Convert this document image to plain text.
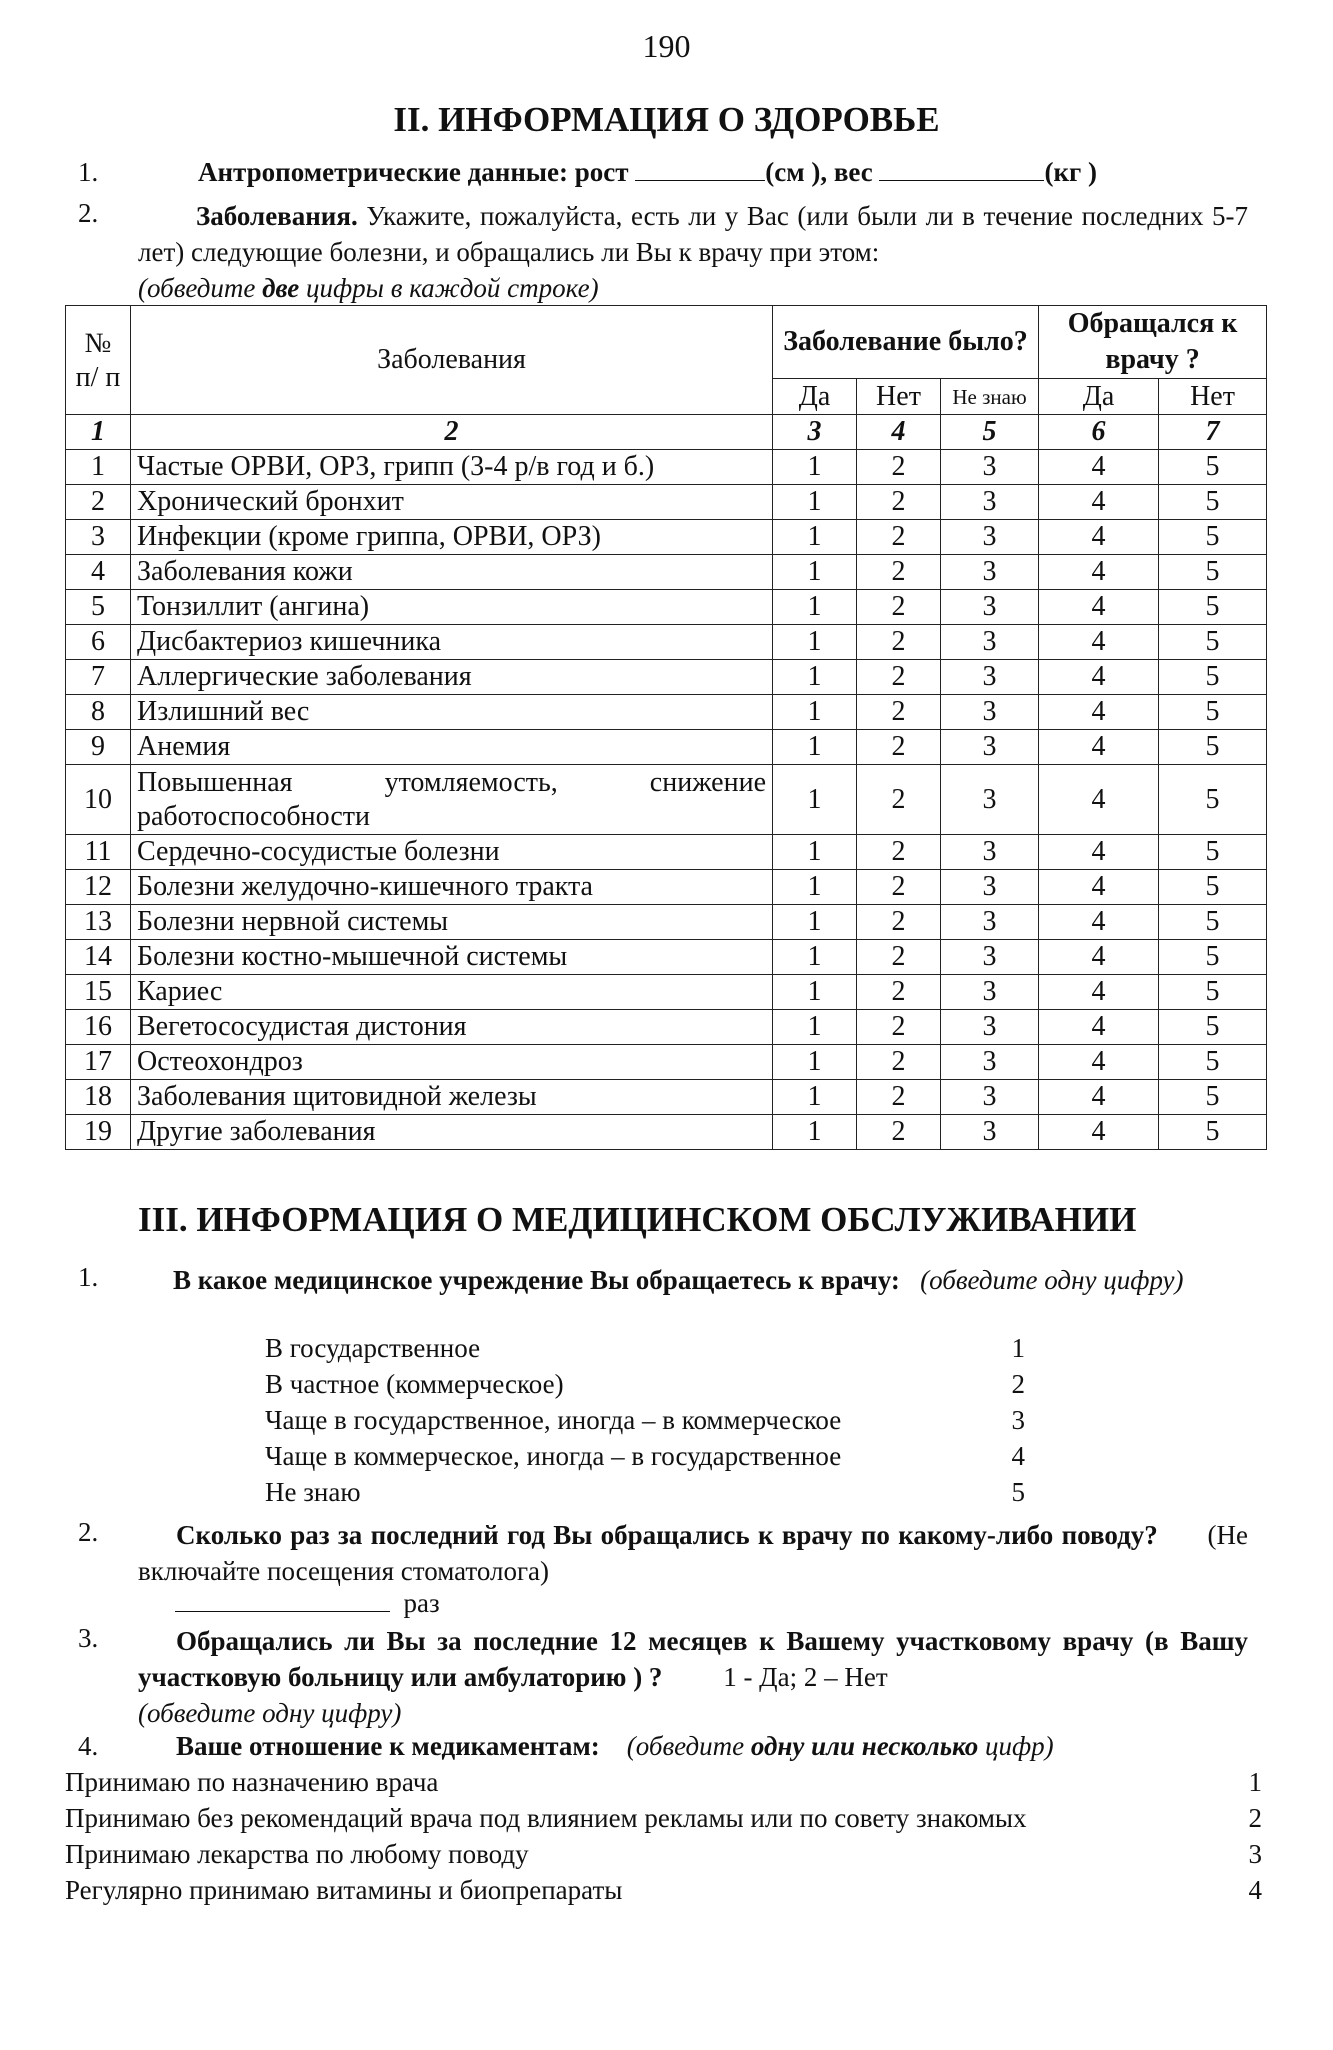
190
II. ИНФОРМАЦИЯ О ЗДОРОВЬЕ
1.	Антропометрические данные: рост	(см ), вес	(кг )
2.	Заболевания. Укажите, пожалуйста, есть ли у Вас (или были ли в течение последних 5-7 лет) следующие болезни, и обращались ли Вы к врачу при этом:
(обведите две цифры в каждой строке)
№ п/ п	Заболевания	Заболевание было?			Обращался к врачу ?	
		Да	Нет	Не знаю	Да	Нет
1	2	3	4	5	6	7
1	Частые ОРВИ, ОРЗ, грипп (3-4 р/в год и б.)	1	2	3	4	5
2	Хронический бронхит	1	2	3	4	5
3	Инфекции (кроме гриппа, ОРВИ, ОРЗ)	1	2	3	4	5
4	Заболевания кожи	1	2	3	4	5
5	Тонзиллит (ангина)	1	2	3	4	5
6	Дисбактериоз кишечника	1	2	3	4	5
7	Аллергические заболевания	1	2	3	4	5
8	Излишний вес	1	2	3	4	5
9	Анемия	1	2	3	4	5
10	Повышенная утомляемость, снижение работоспособности	1	2	3	4	5
11	Сердечно-сосудистые болезни	1	2	3	4	5
12	Болезни желудочно-кишечного тракта	1	2	3	4	5
13	Болезни нервной системы	1	2	3	4	5
14	Болезни костно-мышечной системы	1	2	3	4	5
15	Кариес	1	2	3	4	5
16	Вегетососудистая дистония	1	2	3	4	5
17	Остеохондроз	1	2	3	4	5
18	Заболевания щитовидной железы	1	2	3	4	5
19	Другие заболевания	1	2	3	4	5
III. ИНФОРМАЦИЯ О МЕДИЦИНСКОМ ОБСЛУЖИВАНИИ
1.	В какое медицинское учреждение Вы обращаетесь к врачу: (обведите одну цифру)
В государственное	1
В частное (коммерческое)	2
Чаще в государственное, иногда – в коммерческое	3
Чаще в коммерческое, иногда – в государственное	4
Не знаю	5
2.	Сколько раз за последний год Вы обращались к врачу по какому-либо поводу? (Не включайте посещения стоматолога)
раз
3.	Обращались ли Вы за последние 12 месяцев к Вашему участковому врачу (в Вашу участковую больницу или амбулаторию ) ? 1 - Да; 2 – Нет
(обведите одну цифру)
4.	Ваше отношение к медикаментам: (обведите одну или несколько цифр)
Принимаю по назначению врача	1
Принимаю без рекомендаций врача под влиянием рекламы или по совету знакомых	2
Принимаю лекарства по любому поводу	3
Регулярно принимаю витамины и биопрепараты	4
